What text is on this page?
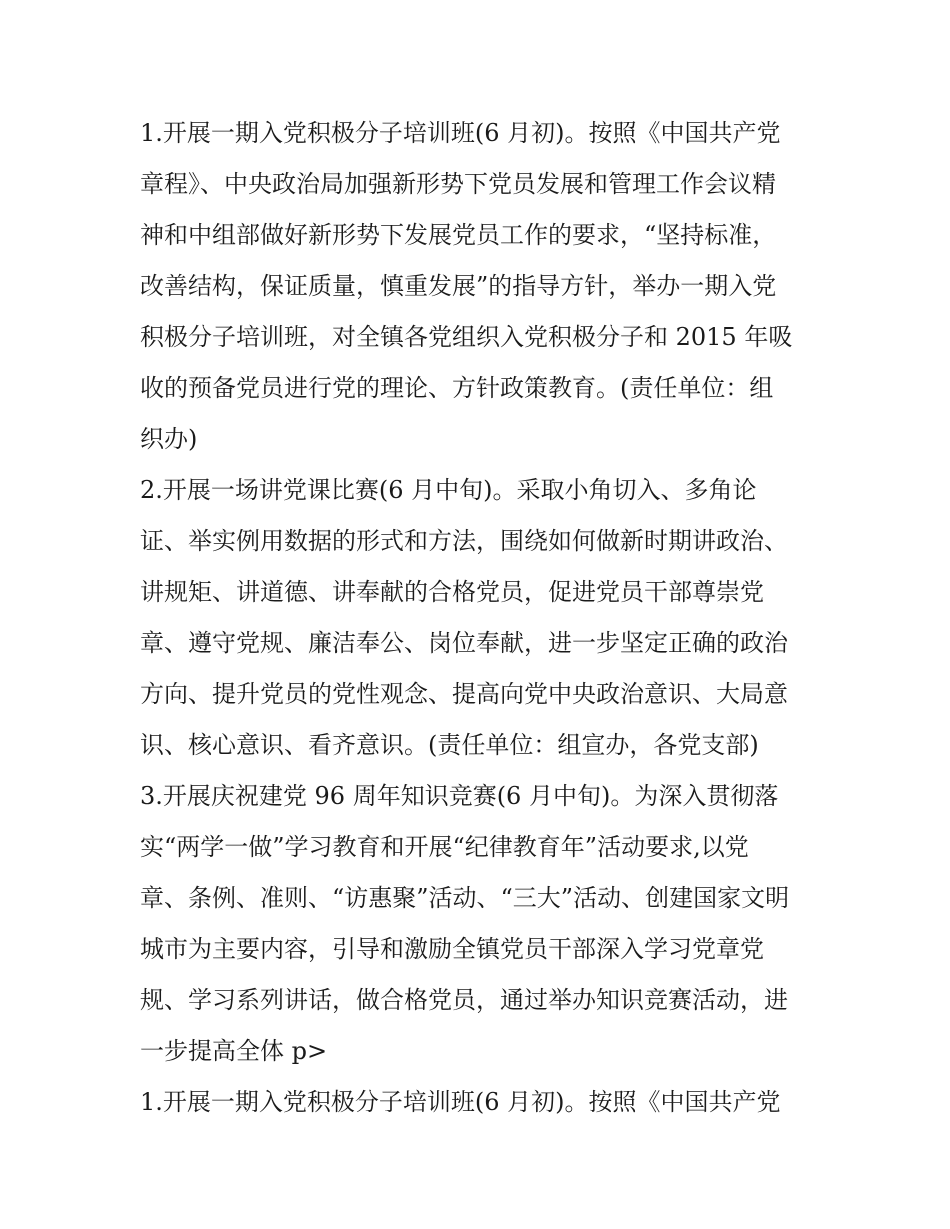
1.开展一期入党积极分子培训班(6 月初)。按照《中国共产党
章程》、中央政治局加强新形势下党员发展和管理工作会议精
神和中组部做好新形势下发展党员工作的要求，“坚持标准，
改善结构，保证质量，慎重发展”的指导方针，举办一期入党
积极分子培训班，对全镇各党组织入党积极分子和 2015 年吸
收的预备党员进行党的理论、方针政策教育。(责任单位：组
织办)
2.开展一场讲党课比赛(6 月中旬)。采取小角切入、多角论
证、举实例用数据的形式和方法，围绕如何做新时期讲政治、
讲规矩、讲道德、讲奉献的合格党员，促进党员干部尊崇党
章、遵守党规、廉洁奉公、岗位奉献，进一步坚定正确的政治
方向、提升党员的党性观念、提高向党中央政治意识、大局意
识、核心意识、看齐意识。(责任单位：组宣办，各党支部)
3.开展庆祝建党 96 周年知识竞赛(6 月中旬)。为深入贯彻落
实“两学一做”学习教育和开展“纪律教育年”活动要求,以党
章、条例、准则、“访惠聚”活动、“三大”活动、创建国家文明
城市为主要内容，引导和激励全镇党员干部深入学习党章党
规、学习系列讲话，做合格党员，通过举办知识竞赛活动，进
一步提高全体 p>
1.开展一期入党积极分子培训班(6 月初)。按照《中国共产党
